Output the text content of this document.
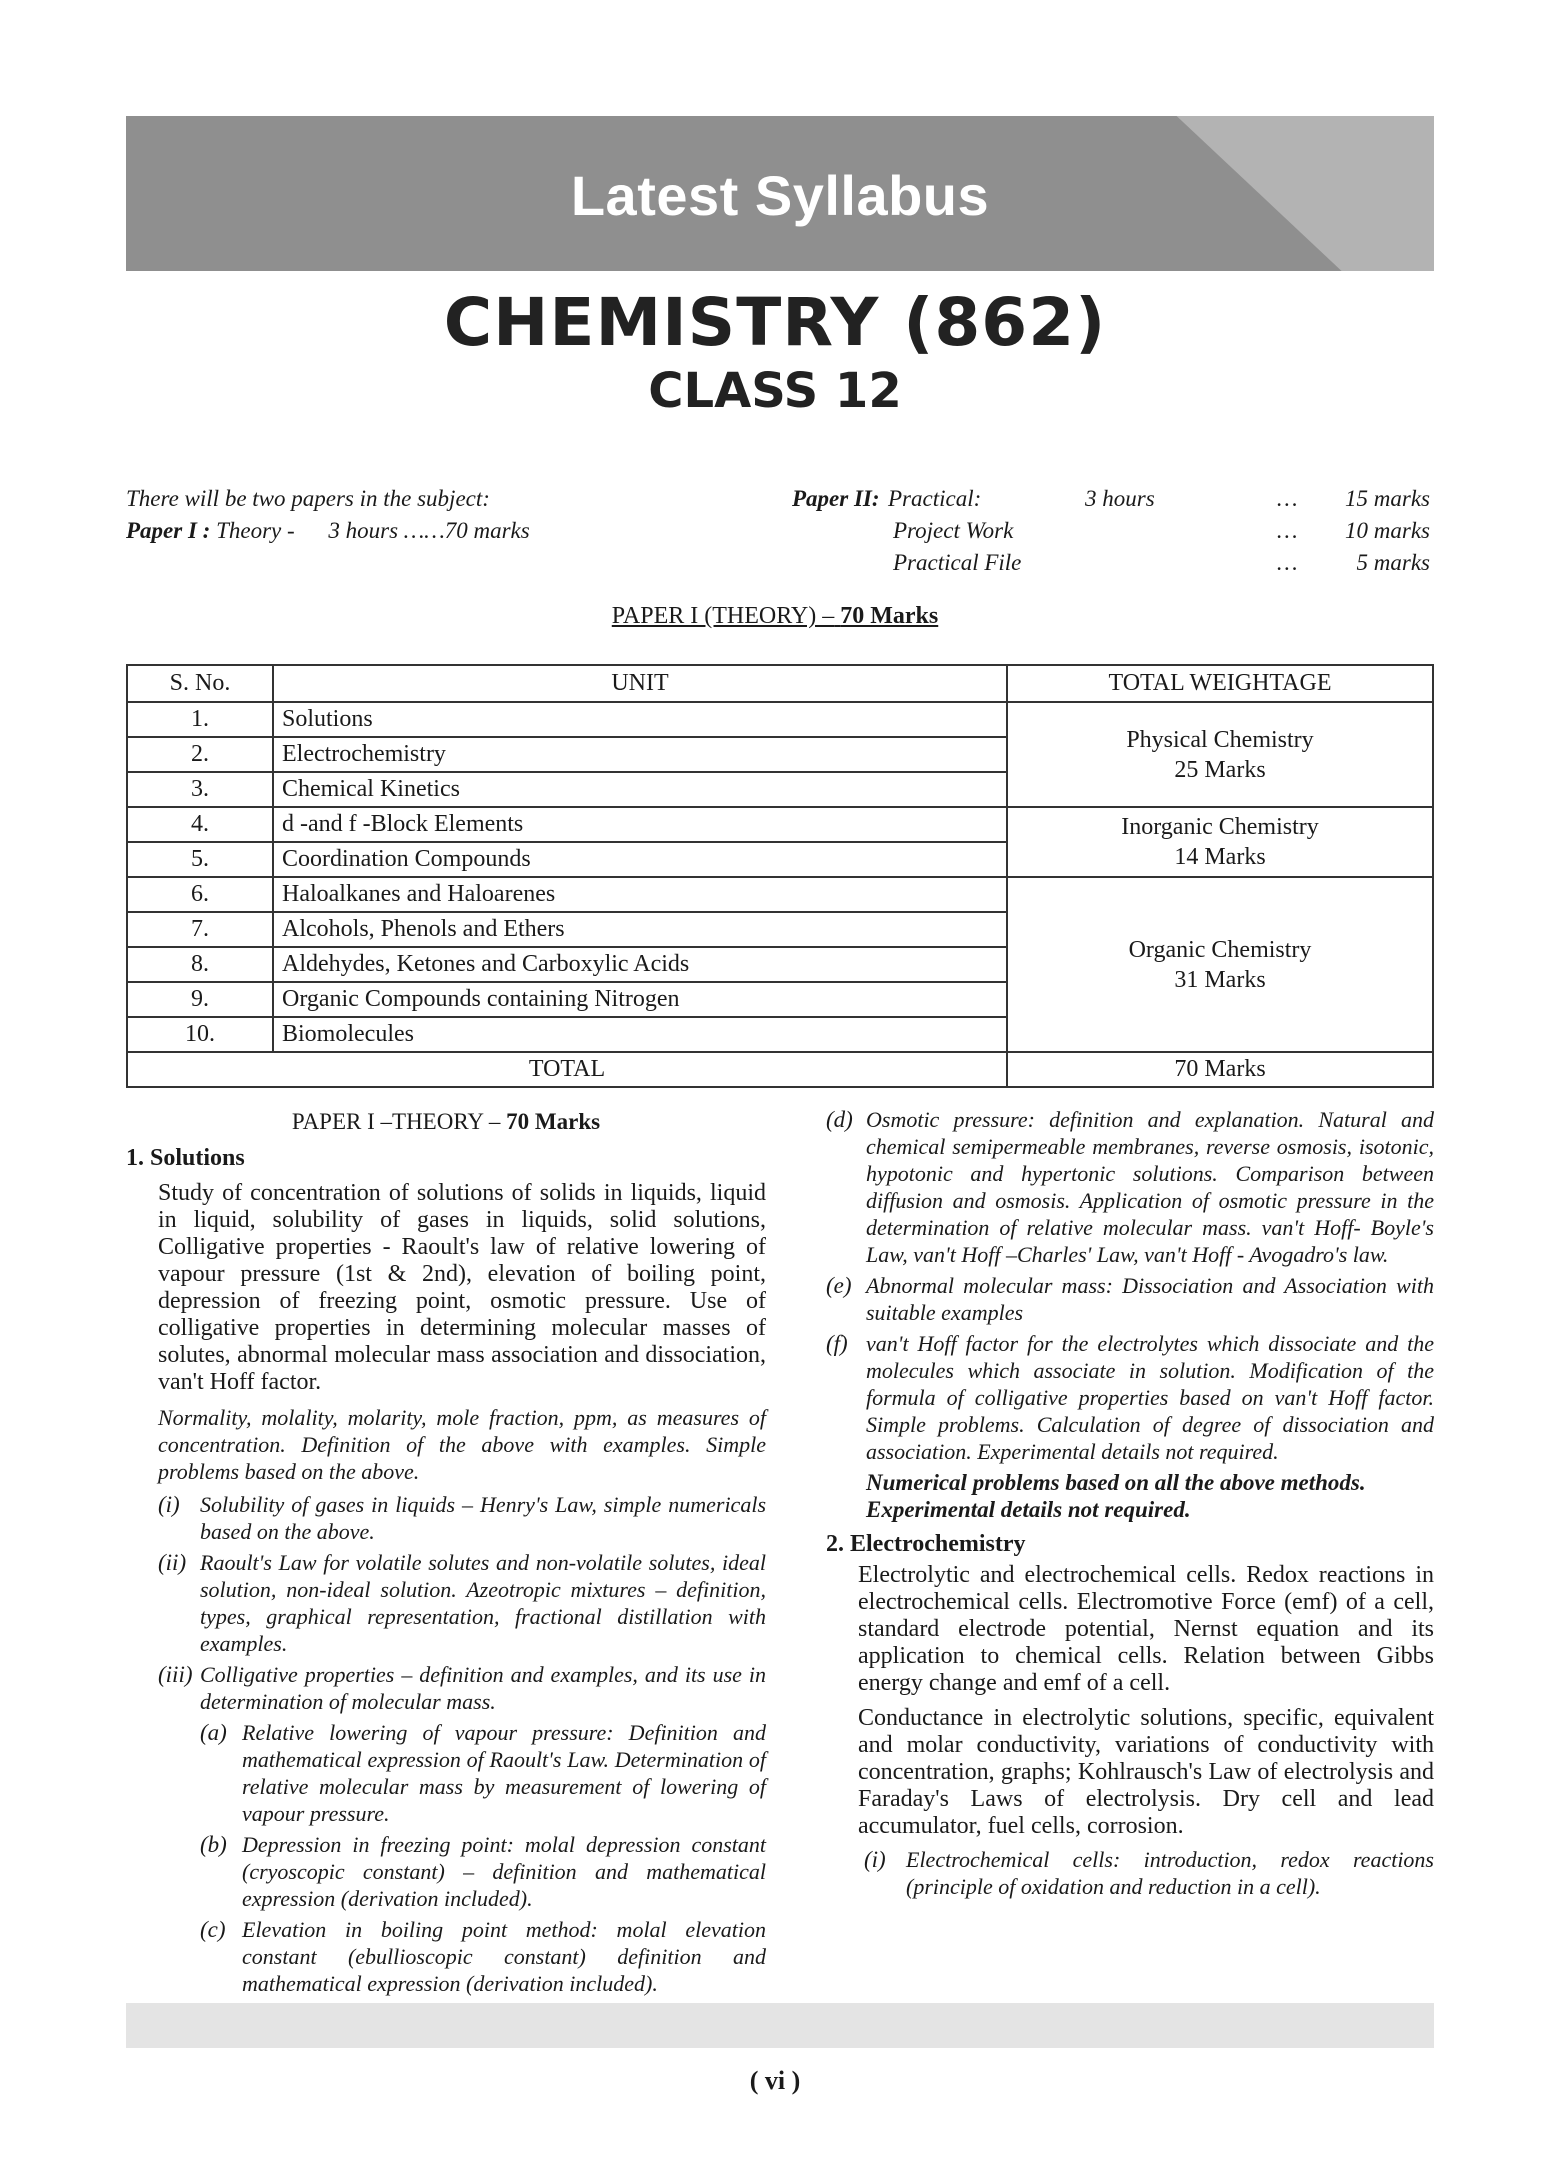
Latest Syllabus
CHEMISTRY (862)
CLASS 12
There will be two papers in the subject:
Paper I : Theory - 3 hours ……70 marks
Paper II: Practical:	3 hours	…	15 marks
Project Work	…	10 marks
Practical File	…	5 marks
PAPER I (THEORY) – 70 Marks
S. No.	UNIT	TOTAL WEIGHTAGE
1.	Solutions	Physical Chemistry
25 Marks

2.	Electrochemistry	
3.	Chemical Kinetics	
4.	d -and f -Block Elements	Inorganic Chemistry
14 Marks

5.	Coordination Compounds	
6.	Haloalkanes and Haloarenes	Organic Chemistry
31 Marks

7.	Alcohols, Phenols and Ethers	
8.	Aldehydes, Ketones and Carboxylic Acids	
9.	Organic Compounds containing Nitrogen	
10.	Biomolecules	
TOTAL		70 Marks

PAPER I –THEORY – 70 Marks

1. Solutions

Study of concentration of solutions of solids in liquids, liquid in liquid, solubility of gases in liquids, solid solutions, Colligative properties - Raoult's law of relative lowering of vapour pressure (1st & 2nd), elevation of boiling point, depression of freezing point, osmotic pressure. Use of colligative properties in determining molecular masses of solutes, abnormal molecular mass association and dissociation, van't Hoff factor.

Normality, molality, molarity, mole fraction, ppm, as measures of concentration. Definition of the above with examples. Simple problems based on the above.

(i) Solubility of gases in liquids – Henry's Law, simple numericals based on the above.
(ii) Raoult's Law for volatile solutes and non-volatile solutes, ideal solution, non-ideal solution. Azeotropic mixtures – definition, types, graphical representation, fractional distillation with examples.
(iii) Colligative properties – definition and examples, and its use in determination of molecular mass.
(a) Relative lowering of vapour pressure: Definition and mathematical expression of Raoult's Law. Determination of relative molecular mass by measurement of lowering of vapour pressure.
(b) Depression in freezing point: molal depression constant (cryoscopic constant) – definition and mathematical expression (derivation included).
(c) Elevation in boiling point method: molal elevation constant (ebullioscopic constant) definition and mathematical expression (derivation included).
(d) Osmotic pressure: definition and explanation. Natural and chemical semipermeable membranes, reverse osmosis, isotonic, hypotonic and hypertonic solutions. Comparison between diffusion and osmosis. Application of osmotic pressure in the determination of relative molecular mass. van't Hoff- Boyle's Law, van't Hoff –Charles' Law, van't Hoff - Avogadro's law.
(e) Abnormal molecular mass: Dissociation and Association with suitable examples
(f) van't Hoff factor for the electrolytes which dissociate and the molecules which associate in solution. Modification of the formula of colligative properties based on van't Hoff factor. Simple problems. Calculation of degree of dissociation and association. Experimental details not required.

Numerical problems based on all the above methods. Experimental details not required.

2. Electrochemistry

Electrolytic and electrochemical cells. Redox reactions in electrochemical cells. Electromotive Force (emf) of a cell, standard electrode potential, Nernst equation and its application to chemical cells. Relation between Gibbs energy change and emf of a cell.

Conductance in electrolytic solutions, specific, equivalent and molar conductivity, variations of conductivity with concentration, graphs; Kohlrausch's Law of electrolysis and Faraday's Laws of electrolysis. Dry cell and lead accumulator, fuel cells, corrosion.

(i) Electrochemical cells: introduction, redox reactions (principle of oxidation and reduction in a cell).
( vi )
